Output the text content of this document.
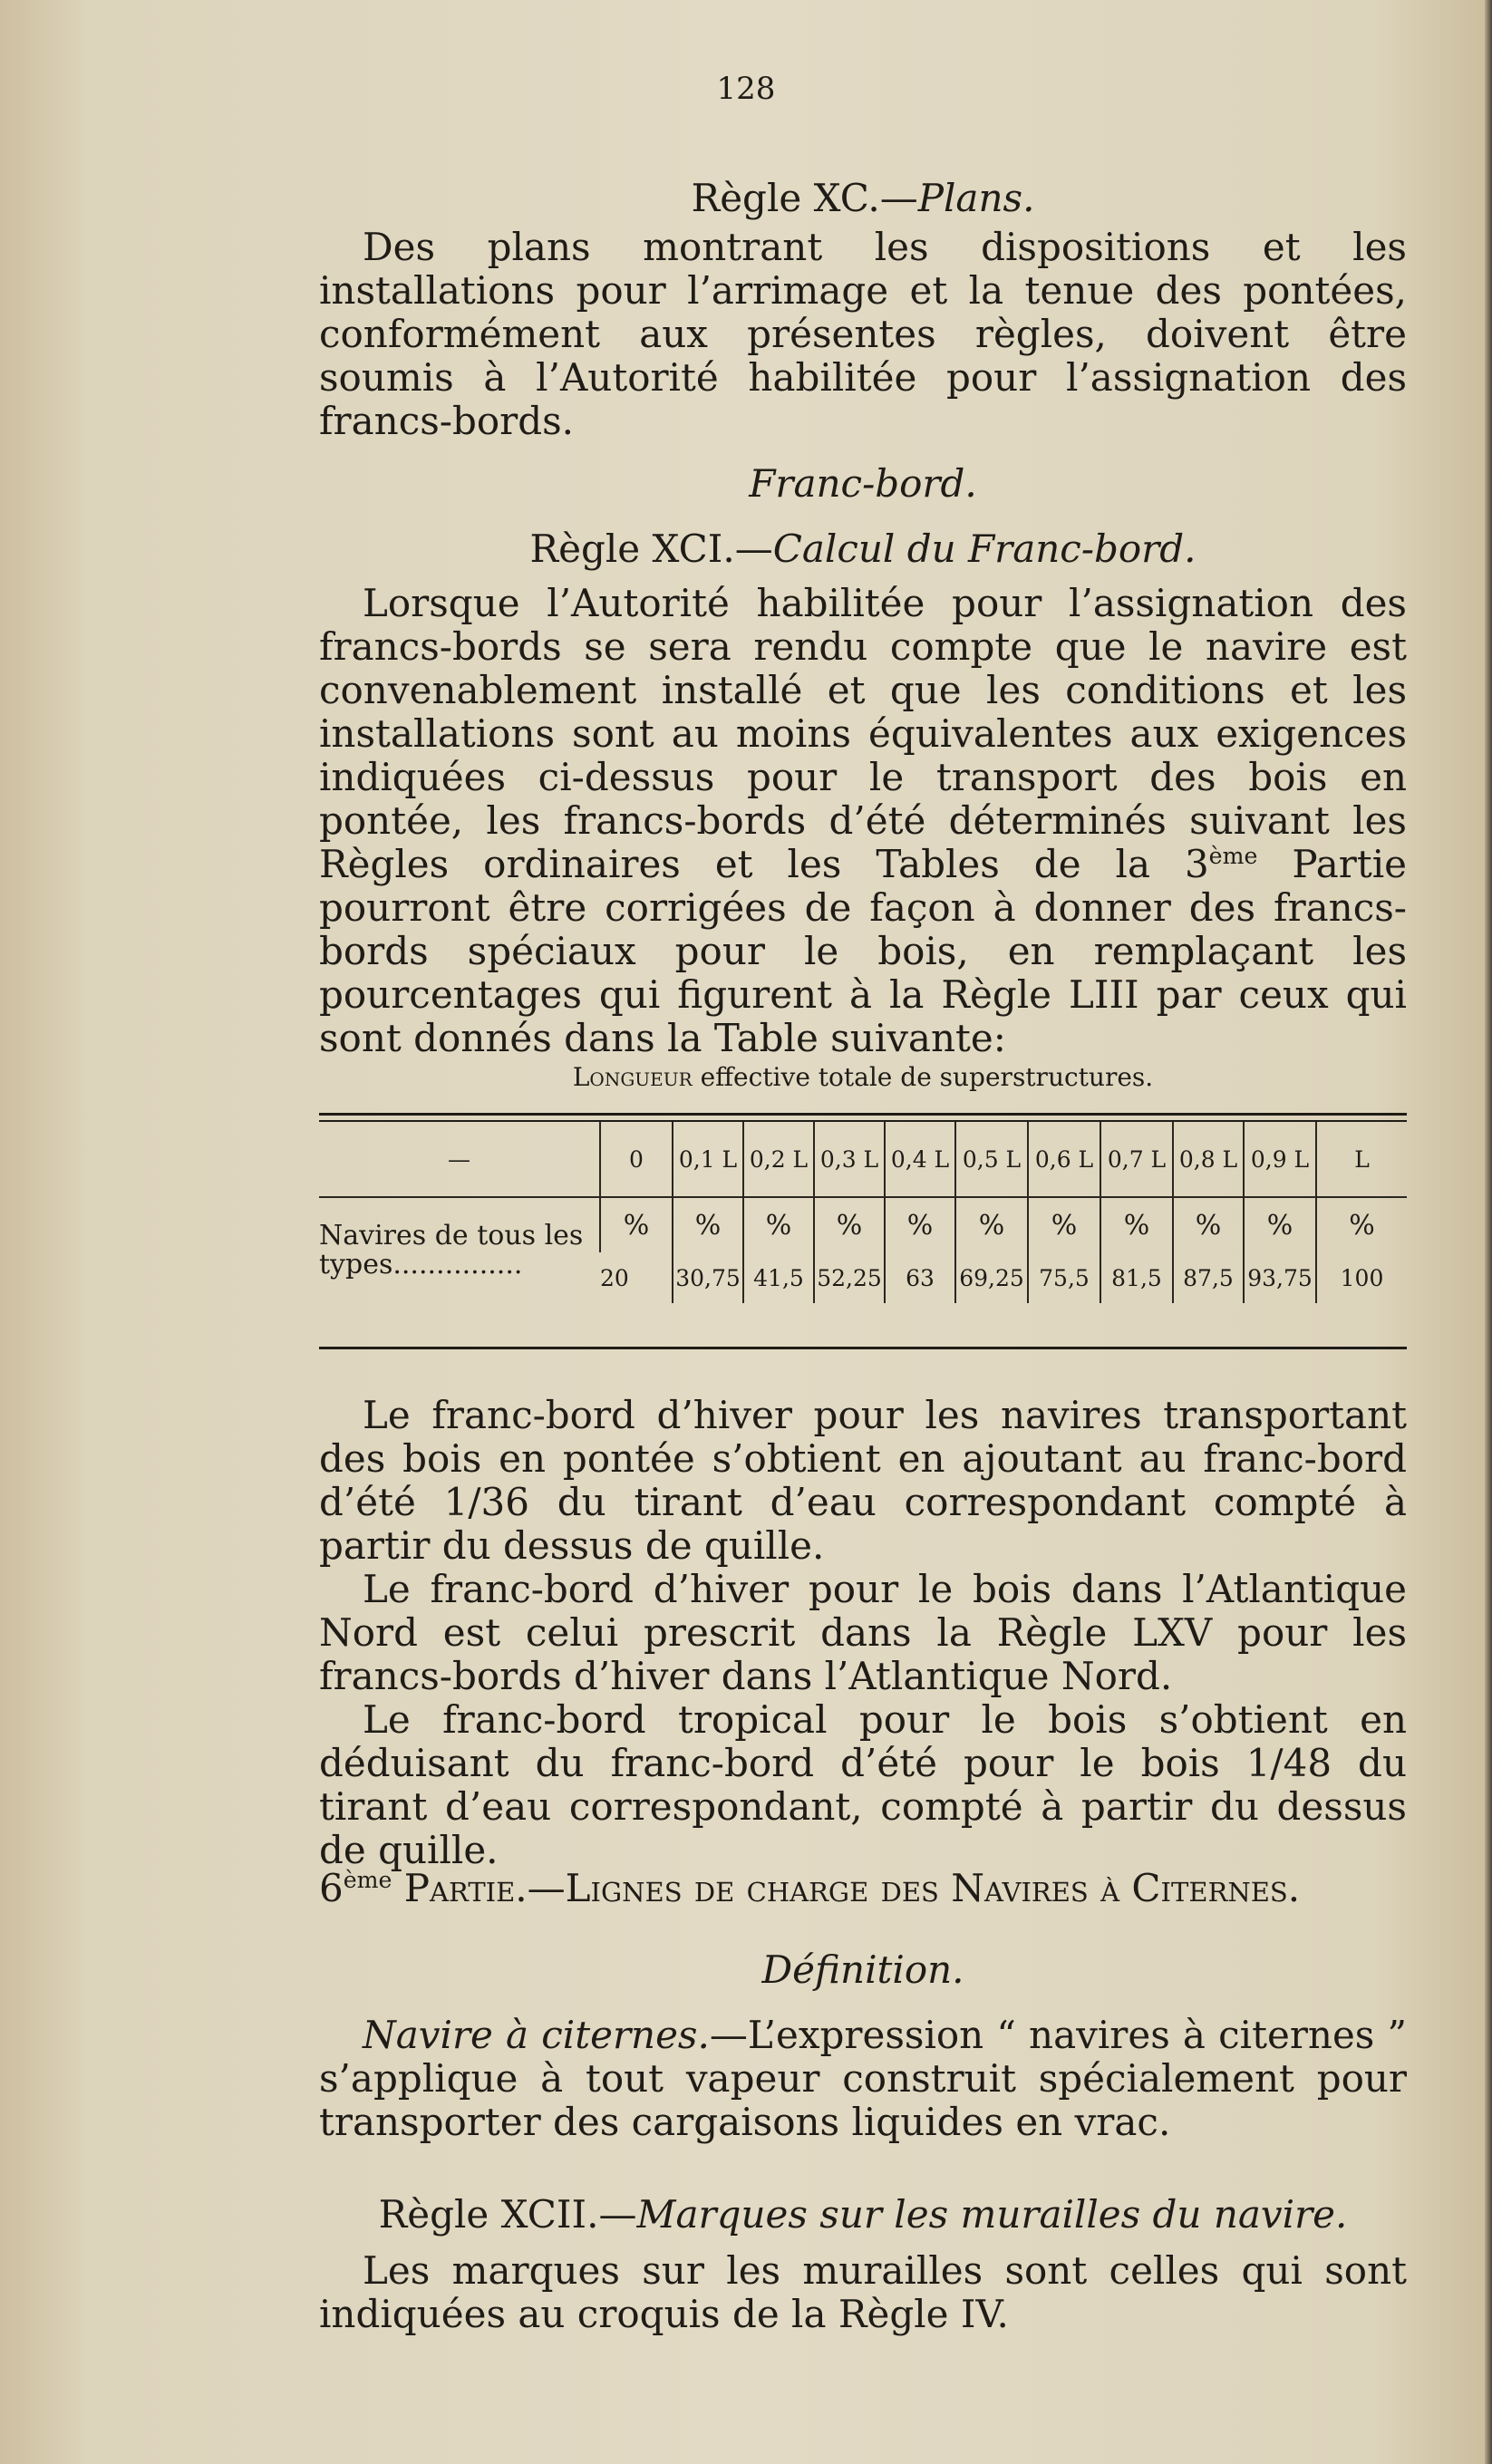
128

Règle XC.—Plans.

Des plans montrant les dispositions et les installations pour l’arrimage et la tenue des pontées, conformément aux présentes règles, doivent être soumis à l’Autorité habilitée pour l’assignation des francs-bords.

Franc-bord.

Règle XCI.—Calcul du Franc-bord.

Lorsque l’Autorité habilitée pour l’assignation des francs-bords se sera rendu compte que le navire est convenablement installé et que les conditions et les installations sont au moins équivalentes aux exigences indiquées ci-dessus pour le transport des bois en pontée, les francs-bords d’été déterminés suivant les Règles ordinaires et les Tables de la 3ème Partie pourront être corrigées de façon à donner des francs-bords spéciaux pour le bois, en remplaçant les pourcentages qui figurent à la Règle LIII par ceux qui sont donnés dans la Table suivante:

Longueur effective totale de superstructures.
—	0	0,1 L	0,2 L	0,3 L	0,4 L	0,5 L	0,6 L	0,7 L	0,8 L	0,9 L	L
Navires de tous les types...............	%	%	%	%	%	%	%	%	%	%	%
	20	30,75	41,5	52,25	63	69,25	75,5	81,5	87,5	93,75	100

Le franc-bord d’hiver pour les navires transportant des bois en pontée s’obtient en ajoutant au franc-bord d’été 1/36 du tirant d’eau correspondant compté à partir du dessus de quille.

Le franc-bord d’hiver pour le bois dans l’Atlantique Nord est celui prescrit dans la Règle LXV pour les francs-bords d’hiver dans l’Atlantique Nord.

Le franc-bord tropical pour le bois s’obtient en déduisant du franc-bord d’été pour le bois 1/48 du tirant d’eau correspondant, compté à partir du dessus de quille.

6ème Partie.—Lignes de charge des Navires à Citernes.

Définition.

Navire à citernes.—L’expression “ navires à citernes ” s’applique à tout vapeur construit spécialement pour transporter des cargaisons liquides en vrac.

Règle XCII.—Marques sur les murailles du navire.

Les marques sur les murailles sont celles qui sont indiquées au croquis de la Règle IV.
